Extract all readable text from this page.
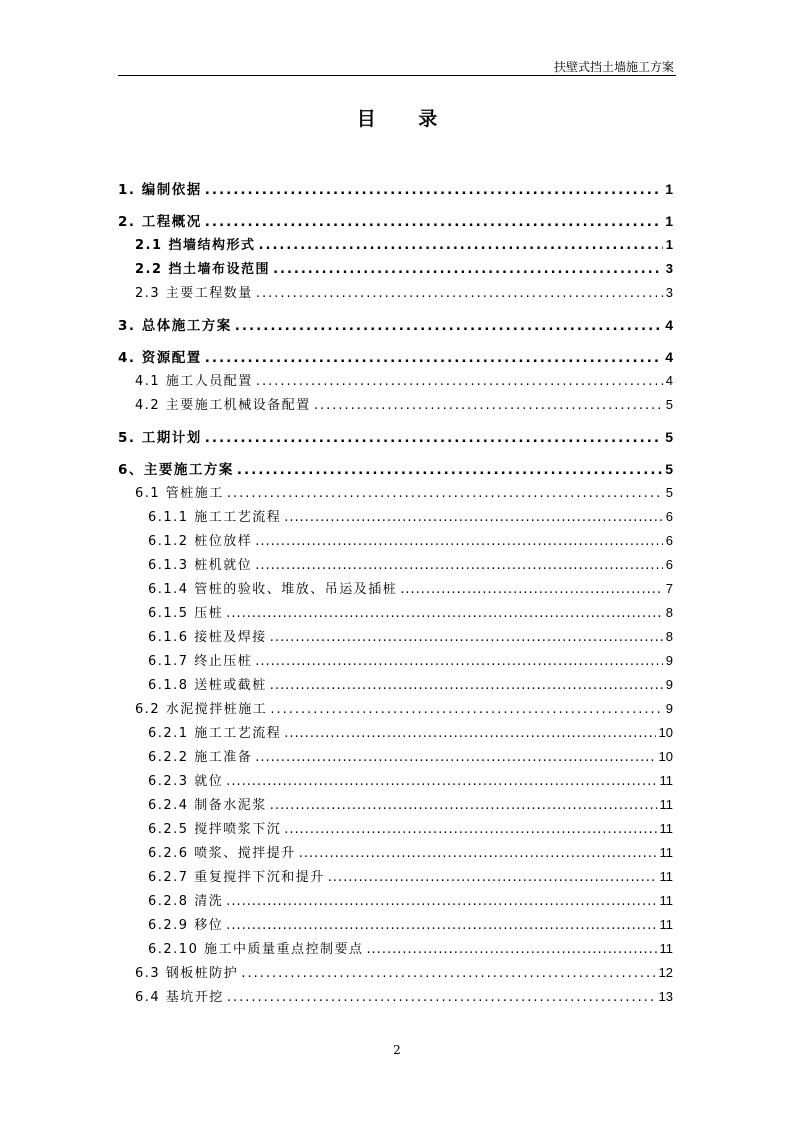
扶壁式挡土墙施工方案
目 录
1. 编制依据 .....	1
2. 工程概况 .....	1
2.1 挡墙结构形式 .....	1
2.2 挡土墙布设范围 .....	3
2.3 主要工程数量 .....	3
3. 总体施工方案 .....	4
4. 资源配置 .....	4
4.1 施工人员配置 .....	4
4.2 主要施工机械设备配置 .....	5
5. 工期计划 .....	5
6、主要施工方案 .....	5
6.1 管桩施工 .....	5
6.1.1 施工工艺流程 .....	6
6.1.2 桩位放样 .....	6
6.1.3 桩机就位 .....	6
6.1.4 管桩的验收、堆放、吊运及插桩 .....	7
6.1.5 压桩 .....	8
6.1.6 接桩及焊接 .....	8
6.1.7 终止压桩 .....	9
6.1.8 送桩或截桩 .....	9
6.2 水泥搅拌桩施工 .....	9
6.2.1 施工工艺流程 .....	10
6.2.2 施工准备 .....	10
6.2.3 就位 .....	11
6.2.4 制备水泥浆 .....	11
6.2.5 搅拌喷浆下沉 .....	11
6.2.6 喷浆、搅拌提升 .....	11
6.2.7 重复搅拌下沉和提升 .....	11
6.2.8 清洗 .....	11
6.2.9 移位 .....	11
6.2.10 施工中质量重点控制要点 .....	11
6.3 钢板桩防护 .....	12
6.4 基坑开挖 .....	13
2
